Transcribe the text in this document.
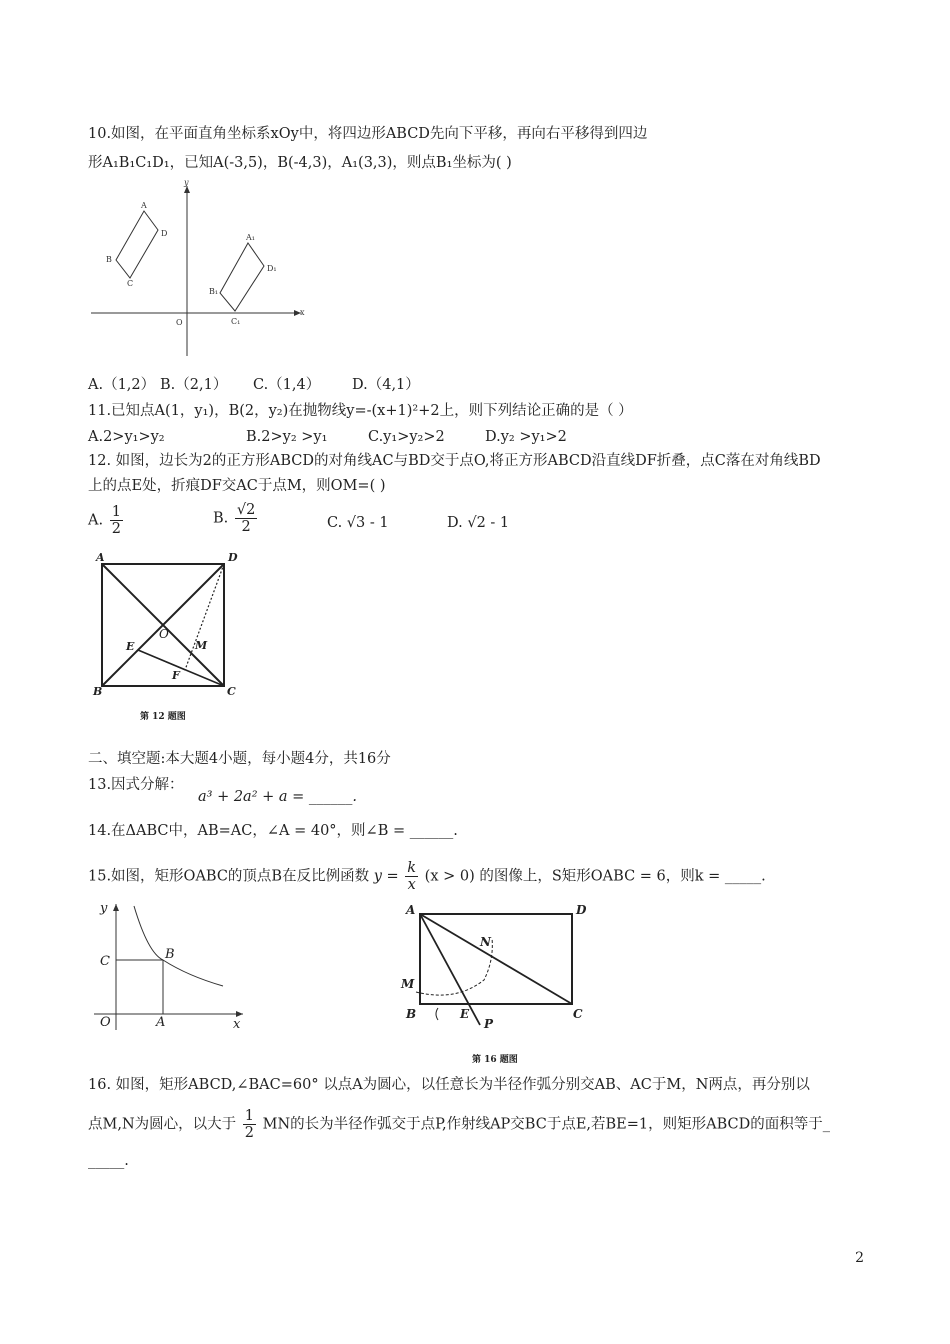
10.如图，在平面直角坐标系xOy中，将四边形ABCD先向下平移，再向右平移得到四边
形A₁B₁C₁D₁，已知A(-3,5)，B(-4,3)，A₁(3,3)，则点B₁坐标为( )
y
x
O
A
D
B
C
A₁
D₁
B₁
C₁
A.（1,2） B.（2,1） C.（1,4） D.（4,1）
11.已知点A(1，y₁)，B(2，y₂)在抛物线y=-(x+1)²+2上，则下列结论正确的是（ ）
A.2>y₁>y₂	B.2>y₂ >y₁	C.y₁>y₂>2	D.y₂ >y₁>2
12. 如图，边长为2的正方形ABCD的对角线AC与BD交于点O,将正方形ABCD沿直线DF折叠，点C落在对角线BD
上的点E处，折痕DF交AC于点M，则OM=( )
A. $\frac{1}{2}$	B. $\frac{√2}{2}$	C. √3 - 1	D. √2 - 1
A	D
B	C
O
E	M
F
第 12 题图
二、填空题:本大题4小题，每小题4分，共16分
13.因式分解：
a³ + 2a² + a = ______.
14.在ΔABC中，AB=AC，∠A = 40°，则∠B = ______.
15.如图，矩形OABC的顶点B在反比例函数 $y = \frac{k}{x} (x > 0)$ 的图像上，S矩形OABC = 6，则k = _____.
y
x
O	A
C	B
A	D
B	C
N
M
E
P
第 16 题图
16. 如图，矩形ABCD,∠BAC=60° 以点A为圆心，以任意长为半径作弧分别交AB、AC于M，N两点，再分别以
点M,N为圆心，以大于 $\frac{1}{2}$ MN的长为半径作弧交于点P,作射线AP交BC于点E,若BE=1，则矩形ABCD的面积等于_
_____.
2
